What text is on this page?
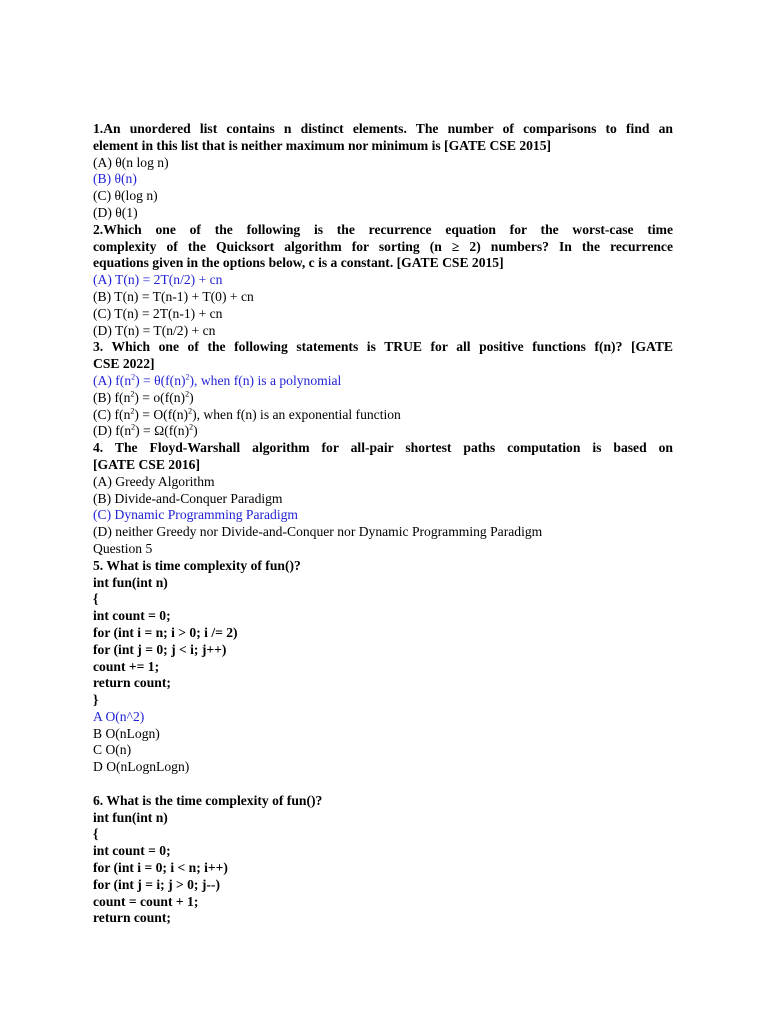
1.An unordered list contains n distinct elements. The number of comparisons to find an
element in this list that is neither maximum nor minimum is [GATE CSE 2015]
(A) θ(n log n)
(B) θ(n)
(C) θ(log n)
(D) θ(1)
2.Which one of the following is the recurrence equation for the worst-case time
complexity of the Quicksort algorithm for sorting (n ≥ 2) numbers? In the recurrence
equations given in the options below, c is a constant. [GATE CSE 2015]
(A) T(n) = 2T(n/2) + cn
(B) T(n) = T(n-1) + T(0) + cn
(C) T(n) = 2T(n-1) + cn
(D) T(n) = T(n/2) + cn
3. Which one of the following statements is TRUE for all positive functions f(n)? [GATE
CSE 2022]
(A) $f(n^2) = \theta(f(n)^2)$, when f(n) is a polynomial
(B) $f(n^2) = o(f(n)^2)$
(C) $f(n^2) = O(f(n)^2)$, when f(n) is an exponential function
(D) $f(n^2) = \Omega(f(n)^2)$
4. The Floyd-Warshall algorithm for all-pair shortest paths computation is based on
[GATE CSE 2016]
(A) Greedy Algorithm
(B) Divide-and-Conquer Paradigm
(C) Dynamic Programming Paradigm
(D) neither Greedy nor Divide-and-Conquer nor Dynamic Programming Paradigm
Question 5
5. What is time complexity of fun()?
int fun(int n)
{
int count = 0;
for (int i = n; i > 0; i /= 2)
for (int j = 0; j < i; j++)
count += 1;
return count;
}
A O(n^2)
B O(nLogn)
C O(n)
D O(nLognLogn)
6. What is the time complexity of fun()?
int fun(int n)
{
int count = 0;
for (int i = 0; i < n; i++)
for (int j = i; j > 0; j--)
count = count + 1;
return count;
